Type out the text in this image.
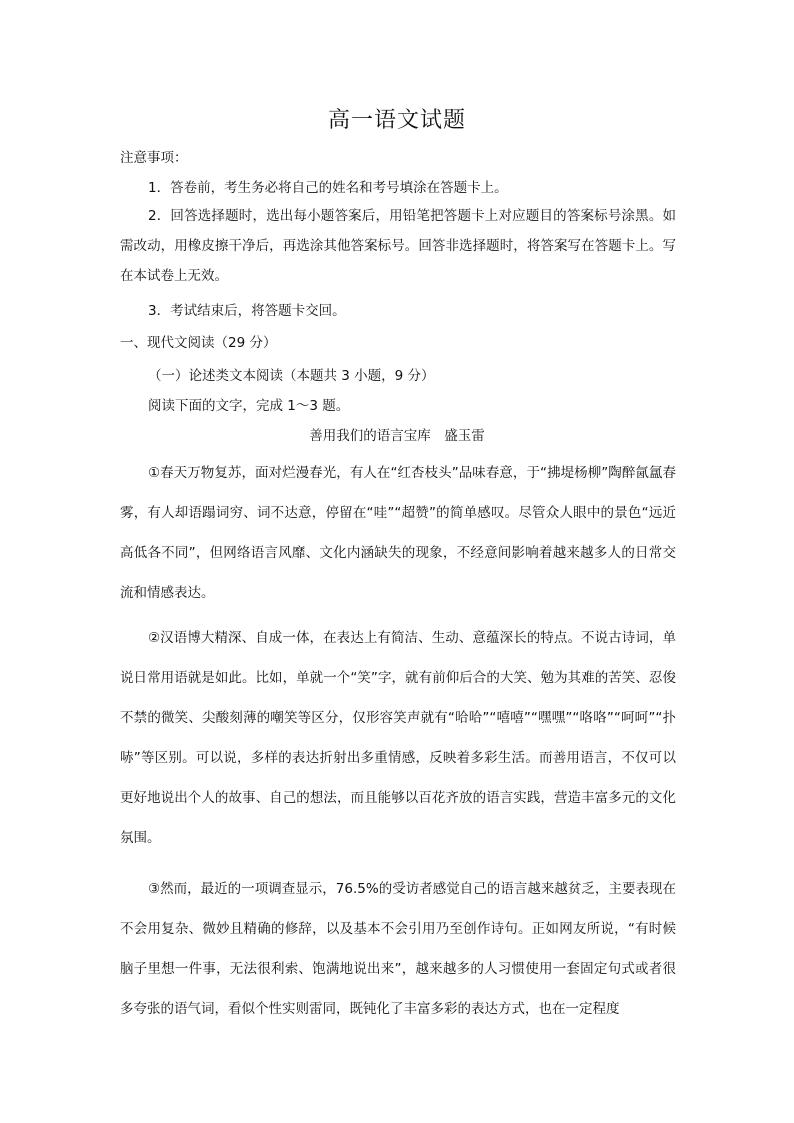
高一语文试题
注意事项：
1．答卷前，考生务必将自己的姓名和考号填涂在答题卡上。
2．回答选择题时，选出每小题答案后，用铅笔把答题卡上对应题目的答案标号涂黑。如需改动，用橡皮擦干净后，再选涂其他答案标号。回答非选择题时，将答案写在答题卡上。写在本试卷上无效。
3．考试结束后，将答题卡交回。
一、现代文阅读（29 分）
（一）论述类文本阅读（本题共 3 小题，9 分）
阅读下面的文字，完成 1～3 题。
善用我们的语言宝库　盛玉雷
①春天万物复苏，面对烂漫春光，有人在“红杏枝头”品味春意，于“拂堤杨柳”陶醉氤氲春雾，有人却语蹋词穷、词不达意，停留在“哇”“超赞”的简单感叹。尽管众人眼中的景色“远近高低各不同”，但网络语言风靡、文化内涵缺失的现象，不经意间影响着越来越多人的日常交流和情感表达。
②汉语博大精深、自成一体，在表达上有简洁、生动、意蕴深长的特点。不说古诗词，单说日常用语就是如此。比如，单就一个“笑”字，就有前仰后合的大笑、勉为其难的苦笑、忍俊不禁的微笑、尖酸刻薄的嘲笑等区分，仅形容笑声就有“哈哈”“嘻嘻”“嘿嘿”“咯咯”“呵呵”“扑哧”等区别。可以说，多样的表达折射出多重情感，反映着多彩生活。而善用语言，不仅可以更好地说出个人的故事、自己的想法，而且能够以百花齐放的语言实践，营造丰富多元的文化氛围。
③然而，最近的一项调查显示，76.5%的受访者感觉自己的语言越来越贫乏，主要表现在不会用复杂、微妙且精确的修辞，以及基本不会引用乃至创作诗句。正如网友所说，“有时候脑子里想一件事，无法很利索、饱满地说出来”，越来越多的人习惯使用一套固定句式或者很多夸张的语气词，看似个性实则雷同，既钝化了丰富多彩的表达方式，也在一定程度
